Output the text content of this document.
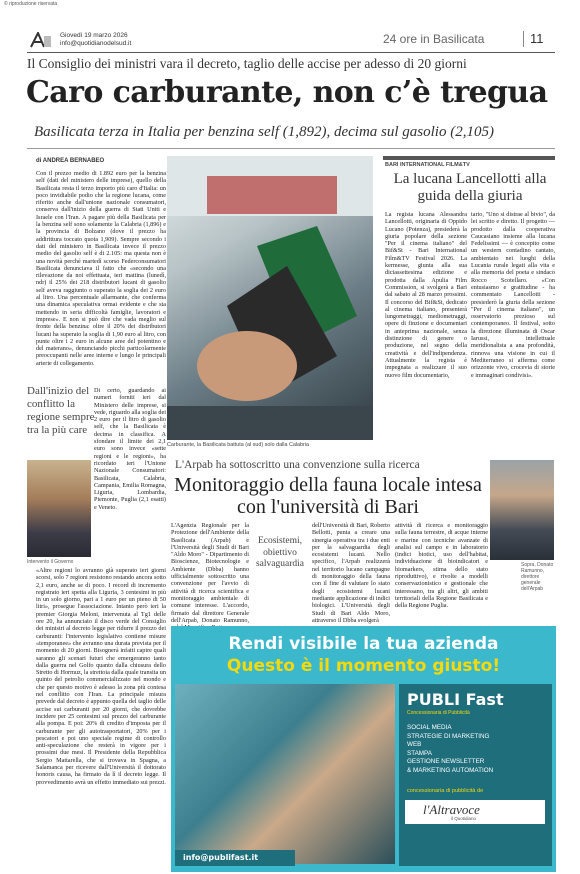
© riproduzione riservata
Giovedì 19 marzo 2026
info@quotidianodelsud.it	24 ore in Basilicata	11
Il Consiglio dei ministri vara il decreto, taglio delle accise per adesso di 20 giorni
Caro carburante, non c’è tregua
Basilicata terza in Italia per benzina self (1,892), decima sul gasolio (2,105)
di ANDREA BERNABEO
Con il prezzo medio di 1.892 euro per la benzina self (dati del ministero delle imprese), quello della Basilicata resta il terzo importo più caro d'Italia: un poco invidiabile podio che la regione lucana, come riferito anche dall'unione nazionale consumatori, conserva dall'inizio della guerra di Stati Uniti e Israele con l'Iran. A pagare più della Basilicata per la benzina self sono solamente la Calabria (1,896) e la provincia di Bolzano (dove il prezzo ha addirittura toccato quota 1,909). Sempre secondo i dati del ministero in Basilicata invece il prezzo medio del gasolio self è di 2.105: ma questa non è una novità perché martedì scorso Federconsumatori Basilicata denunciava il fatto che «secondo una rilevazione da noi effettuata, ieri mattina (lunedì, ndr) il 25% dei 218 distributori lucani di gasolio self aveva raggiunto o superato la soglia dei 2 euro al litro. Una percentuale allarmante, che conferma una dinamica speculativa ormai evidente e che sta mettendo in seria difficoltà famiglie, lavoratori e imprese». E non si può dire che vada meglio sul fronte della benzina: oltre il 20% dei distributori lucani ha superato la soglia di 1,90 euro al litro, con punte oltre i 2 euro in alcune aree del potentino e del materano», denunciando picchi particolarmente preoccupanti nelle aree interne e lungo le principali arterie di collegamento.
Dall'inizio del conflitto la regione sempre tra la più care
Di certo, guardando ai numeri forniti ieri dal Ministero delle imprese, si vede, riguardo alla soglia dei 2 euro per il litro di gasolio self, che la Basilicata è decima in classifica. A sfondare il limite dei 2,1 euro sono invece «sette regioni e le regioni», ha ricordato ieri l'Unione Nazionale Consumatori: Basilicata, Calabria, Campania, Emilia Romagna, Liguria, Lombardia, Piemonte, Puglia (2,1 esatti) e Veneto.
Intervento il Governo
«Altre regioni lo avranno già superato ieri giorni scorsi, solo 7 regioni resistono restando ancora sotto 2,1 euro, anche se di poco. I record di incremento registrato ieri spetta alla Liguria, 3 centesimi in più in un solo giorno, pari a 1 euro per un pieno di 50 litri», prosegue l'associazione. Intanto però ieri la premier Giorgia Meloni, intervenuta al Tg1 delle ore 20, ha annunciato il disco verde del Consiglio dei ministri al decreto legge per ridurre il prezzo dei carburanti: l'intervento legislativo contiene misure «temporanee» che avranno una durata prevista per il momento di 20 giorni. Bisognerà infatti capire quali saranno gli scenari futuri che emergeranno tanto dalla guerra nel Golfo quanto dalla chiusura dello Stretto di Hormuz, la strettoia dalla quale transita un quinto del petrolio commercializzato nel mondo e che per questo motivo è adesso la zona più contesa nel conflitto con l'Iran. La principale misura prevede dal decreto è appunto quella del taglio delle accise sui carburanti per 20 giorni, che dovrebbe incidere per 25 centesimi sul prezzo del carburante alla pompa. E poi: 20% di credito d'imposta per il carburante per gli autotrasportatori, 20% per i pescatori e poi uno speciale regime di controllo anti-speculazione che resterà in vigore per i prossimi due mesi. Il Presidente della Repubblica Sergio Mattarella, che si trovava in Spagna, a Salamanca per ricevere dall'Università il dottorato honoris causa, ha firmato da lì il decreto legge. Il provvedimento avrà un effetto immediato sui prezzi.
Carburante, la Basilicata battuta (al sud) solo dalla Calabria
BARI INTERNATIONAL FILM&TV
La lucana Lancellotti alla guida della giuria
La regista lucana Alessandra Lancellotti, originaria di Oppido Lucano (Potenza), presiederà la giuria popolare della sezione "Per il cinema italiano" del Bif&St - Bari International Film&TV Festival 2026. La kermesse, giunta alla sua diciassettesima edizione e prodotta dalla Apulia Film Commission, si svolgerà a Bari dal sabato al 28 marzo prossimi. Il concorso del Bif&St, dedicato al cinema italiano, presenterà lungometraggi, mediometraggi, opere di finzione e documentari in anteprima nazionale, senza distinzione di genere o produzione, nel segno della creatività e dell'indipendenza. Attualmente la regista è impegnata a realizzare il suo nuovo film documentario,
tario, "Uno si distrae al bivio", da lei scritto e diretto. Il progetto — prodotto dalla cooperativa Caucasiano insieme alla lucana Fedelissimi — è concepito come un western contadino cantato, ambientato nei luoghi della Lucania rurale legati alla vita e alla memoria del poeta e sindaco Rocco Scotellaro. «Con entusiasmo e gratitudine - ha commentato Lancellotti - presiederò la giuria della sezione "Per il cinema italiano", un osservatorio prezioso sul contemporaneo. Il festival, sotto la direzione illuminata di Oscar Iarussi, intellettuale meridionalista a ana profondità, rinnova una visione in cui il Mediterraneo si afferma come orizzonte vivo, crocevia di storie e immaginari condivisi».
L'Arpab ha sottoscritto una convenzione sulla ricerca
Monitoraggio della fauna locale intesa con l'università di Bari
L'Agenzia Regionale per la Protezione dell'Ambiente della Basilicata (Arpab) e l'Università degli Studi di Bari "Aldo Moro" - Dipartimento di Bioscienze, Biotecnologie e Ambiente (Dbba) hanno ufficialmente sottoscritto una convenzione per l'avvio di attività di ricerca scientifica e monitoraggio ambientale di comune interesse. L'accordo, firmato dal direttore Generale dell'Arpab, Donato Ramunno,
Ecosistemi, obiettivo salvaguardia
dell'Università di Bari, Roberto Bellotti, punta a creare una sinergia operativa tra i due enti per la salvaguardia degli ecosistemi lucani. Nello specifico, l'Arpab realizzerà nel territorio lucano campagne di monitoraggio della fauna con il fine di valutare lo stato degli ecosistemi lucani mediante applicazione di indici biologici. L'Università degli Studi di Bari Aldo Moro, attraverso il Dbba svolgerà
attività di ricerca e monitoraggio sulla fauna terrestre, di acque interne e marine con tecniche avanzate di analisi sul campo e in laboratorio (indici biotici, uso dell'habitat, individuazione di bioindicatori e biomarkers, stima dello stato riproduttivo), e rivolte a modelli conservazionistico e gestionale che interessano, tra gli altri, gli ambiti territoriali della Regione Basilicata e della Regione Puglia.
Sopra, Donato Ramunno, direttore generale dell'Arpab
Rendi visibile la tua azienda
Questo è il momento giusto!
PUBLI Fast
Concessionaria di Pubblicità
SOCIAL MEDIA
STRATEGIE DI MARKETING
WEB
STAMPA
GESTIONE NEWSLETTER
& MARKETING AUTOMATION
concessionaria di pubblicità de
l'Altravoce
il Quotidiano
info@publifast.it
